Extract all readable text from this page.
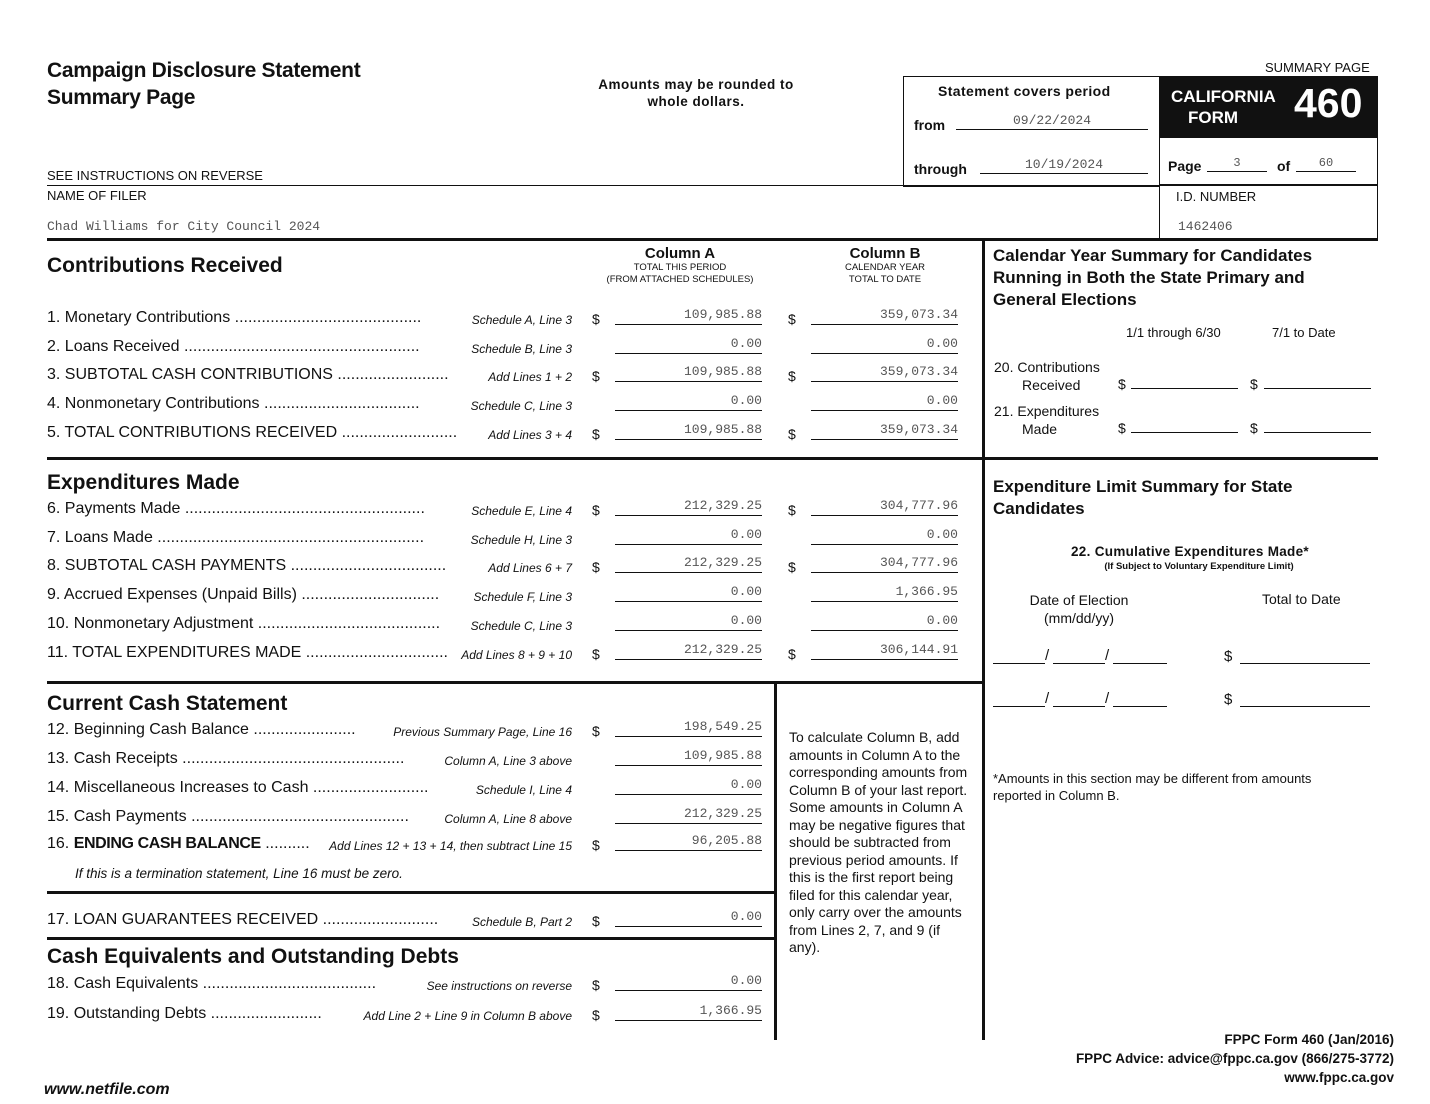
Campaign Disclosure Statement
Summary Page
Amounts may be rounded to whole dollars.
SEE INSTRUCTIONS ON REVERSE
Statement covers period
from	09/22/2024
through	10/19/2024
SUMMARY PAGE
CALIFORNIA
FORM	460
Page	3	of	60
NAME OF FILER
Chad Williams for City Council 2024
I.D. NUMBER
1462406
Column A
TOTAL THIS PERIOD
(FROM ATTACHED SCHEDULES)
Column B
CALENDAR YEAR
TOTAL TO DATE
Contributions Received
Expenditures Made
Current Cash Statement
Cash Equivalents and Outstanding Debts
1. Monetary Contributions ..........................................	Schedule A, Line 3 $	109,985.88 $	359,073.34
2. Loans Received .....................................................	Schedule B, Line 3	0.00	0.00
3. SUBTOTAL CASH CONTRIBUTIONS .........................	Add Lines 1 + 2 $	109,985.88 $	359,073.34
4. Nonmonetary Contributions ...................................	Schedule C, Line 3	0.00	0.00
5. TOTAL CONTRIBUTIONS RECEIVED ..........................	Add Lines 3 + 4 $	109,985.88 $	359,073.34
6. Payments Made ......................................................	Schedule E, Line 4 $	212,329.25 $	304,777.96
7. Loans Made ............................................................	Schedule H, Line 3	0.00	0.00
8. SUBTOTAL CASH PAYMENTS ...................................	Add Lines 6 + 7 $	212,329.25 $	304,777.96
9. Accrued Expenses (Unpaid Bills) ...............................	Schedule F, Line 3	0.00	1,366.95
10. Nonmonetary Adjustment .........................................	Schedule C, Line 3	0.00	0.00
11. TOTAL EXPENDITURES MADE ................................ Add Lines 8 + 9 + 10 $	212,329.25 $	306,144.91
12. Beginning Cash Balance .......................	Previous Summary Page, Line 16 $	198,549.25
13. Cash Receipts ..................................................	Column A, Line 3 above	109,985.88
14. Miscellaneous Increases to Cash ..........................	Schedule I, Line 4	0.00
15. Cash Payments .................................................	Column A, Line 8 above	212,329.25
17. LOAN GUARANTEES RECEIVED ..........................	Schedule B, Part 2 $	0.00
18. Cash Equivalents .......................................	See instructions on reverse $	0.00
19. Outstanding Debts .........................	Add Line 2 + Line 9 in Column B above $	1,366.95
16. ENDING CASH BALANCE .......... Add Lines 12 + 13 + 14, then subtract Line 15 $	96,205.88
If this is a termination statement, Line 16 must be zero.
To calculate Column B, add amounts in Column A to the corresponding amounts from Column B of your last report. Some amounts in Column A may be negative figures that should be subtracted from previous period amounts. If this is the first report being filed for this calendar year, only carry over the amounts from Lines 2, 7, and 9 (if any).
Calendar Year Summary for Candidates
Running in Both the State Primary and
General Elections
1/1 through 6/30	7/1 to Date
20. Contributions
Received	$	$
21. Expenditures
Made	$	$
Expenditure Limit Summary for State
Candidates
22. Cumulative Expenditures Made*
(If Subject to Voluntary Expenditure Limit)
Date of Election
(mm/dd/yy)
Total to Date
/	/	$
/	/	$
*Amounts in this section may be different from amounts
reported in Column B.
FPPC Form 460 (Jan/2016)
FPPC Advice: advice@fppc.ca.gov (866/275-3772)
www.fppc.ca.gov
www.netfile.com
